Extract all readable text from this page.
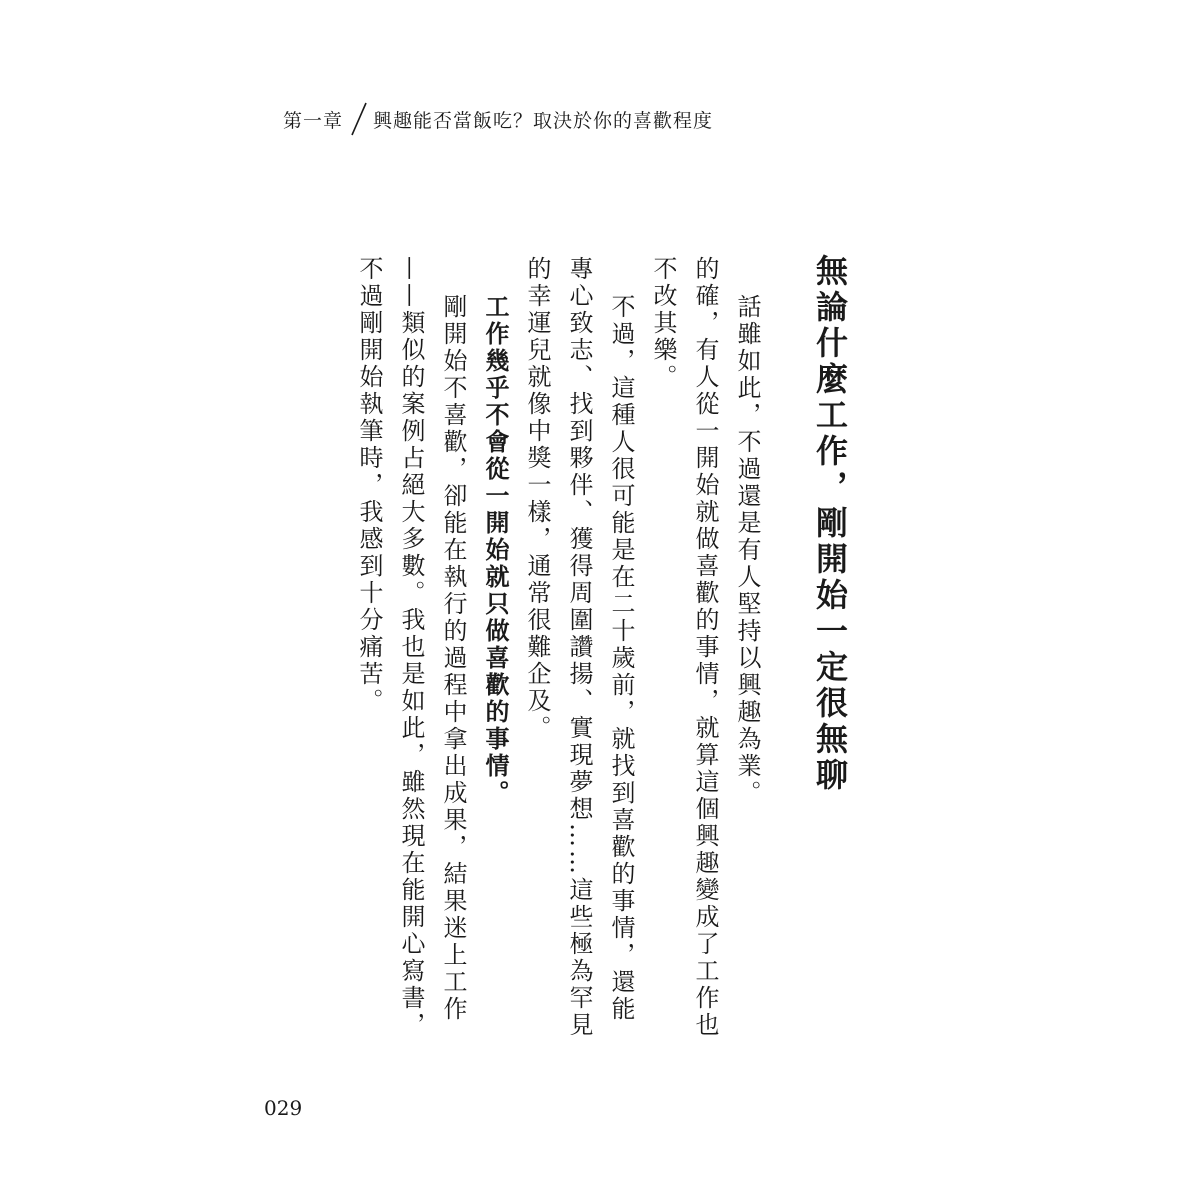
第一章 興趣能否當飯吃？取決於你的喜歡程度
無論什麼工作，剛開始一定很無聊

話雖如此，不過還是有人堅持以興趣為業。

的確，有人從一開始就做喜歡的事情，就算這個興趣變成了工作也不改其樂。

不過，這種人很可能是在二十歲前，就找到喜歡的事情，還能專心致志、找到夥伴、獲得周圍讚揚、實現夢想……這些極為罕見的幸運兒就像中獎一樣，通常很難企及。

工作幾乎不會從一開始就只做喜歡的事情。

剛開始不喜歡，卻能在執行的過程中拿出成果，結果迷上工作——類似的案例占絕大多數。我也是如此，雖然現在能開心寫書，不過剛開始執筆時，我感到十分痛苦。

029
